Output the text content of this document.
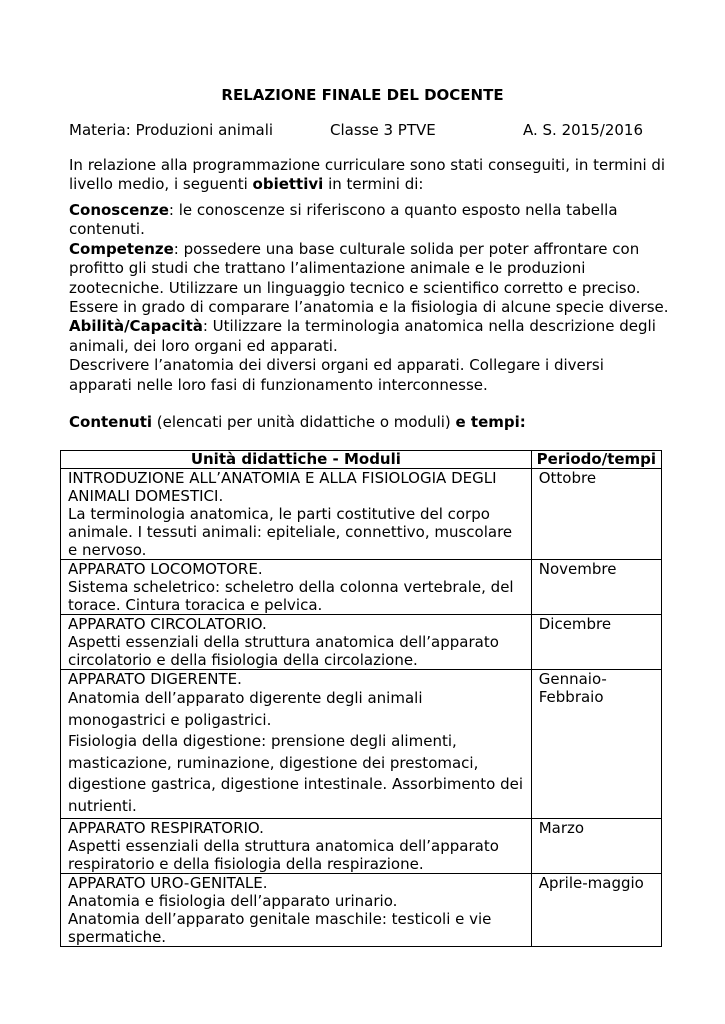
RELAZIONE FINALE DEL DOCENTE
Materia: Produzioni animali	Classe 3 PTVE	A. S. 2015/2016

In relazione alla programmazione curriculare sono stati conseguiti, in termini di livello medio, i seguenti obiettivi in termini di:

Conoscenze: le conoscenze si riferiscono a quanto esposto nella tabella contenuti.

Competenze: possedere una base culturale solida per poter affrontare con profitto gli studi che trattano l’alimentazione animale e le produzioni zootecniche. Utilizzare un linguaggio tecnico e scientifico corretto e preciso. Essere in grado di comparare l’anatomia e la fisiologia di alcune specie diverse.

Abilità/Capacità: Utilizzare la terminologia anatomica nella descrizione degli animali, dei loro organi ed apparati.

Descrivere l’anatomia dei diversi organi ed apparati. Collegare i diversi apparati nelle loro fasi di funzionamento interconnesse.

Contenuti (elencati per unità didattiche o moduli) e tempi:

Unità didattiche - Moduli	Periodo/tempi

INTRODUZIONE ALL’ANATOMIA E ALLA FISIOLOGIA DEGLI ANIMALI DOMESTICI.
La terminologia anatomica, le parti costitutive del corpo animale. I tessuti animali: epiteliale, connettivo, muscolare e nervoso.	Ottobre

APPARATO LOCOMOTORE.
Sistema scheletrico: scheletro della colonna vertebrale, del torace. Cintura toracica e pelvica.	Novembre

APPARATO CIRCOLATORIO.
Aspetti essenziali della struttura anatomica dell’apparato circolatorio e della fisiologia della circolazione.	Dicembre

APPARATO DIGERENTE.
Anatomia dell’apparato digerente degli animali monogastrici e poligastrici.
Fisiologia della digestione: prensione degli alimenti, masticazione, ruminazione, digestione dei prestomaci, digestione gastrica, digestione intestinale. Assorbimento dei nutrienti.	Gennaio-
Febbraio

APPARATO RESPIRATORIO.
Aspetti essenziali della struttura anatomica dell’apparato respiratorio e della fisiologia della respirazione.	Marzo

APPARATO URO-GENITALE.
Anatomia e fisiologia dell’apparato urinario.
Anatomia dell’apparato genitale maschile: testicoli e vie spermatiche.	Aprile-maggio
